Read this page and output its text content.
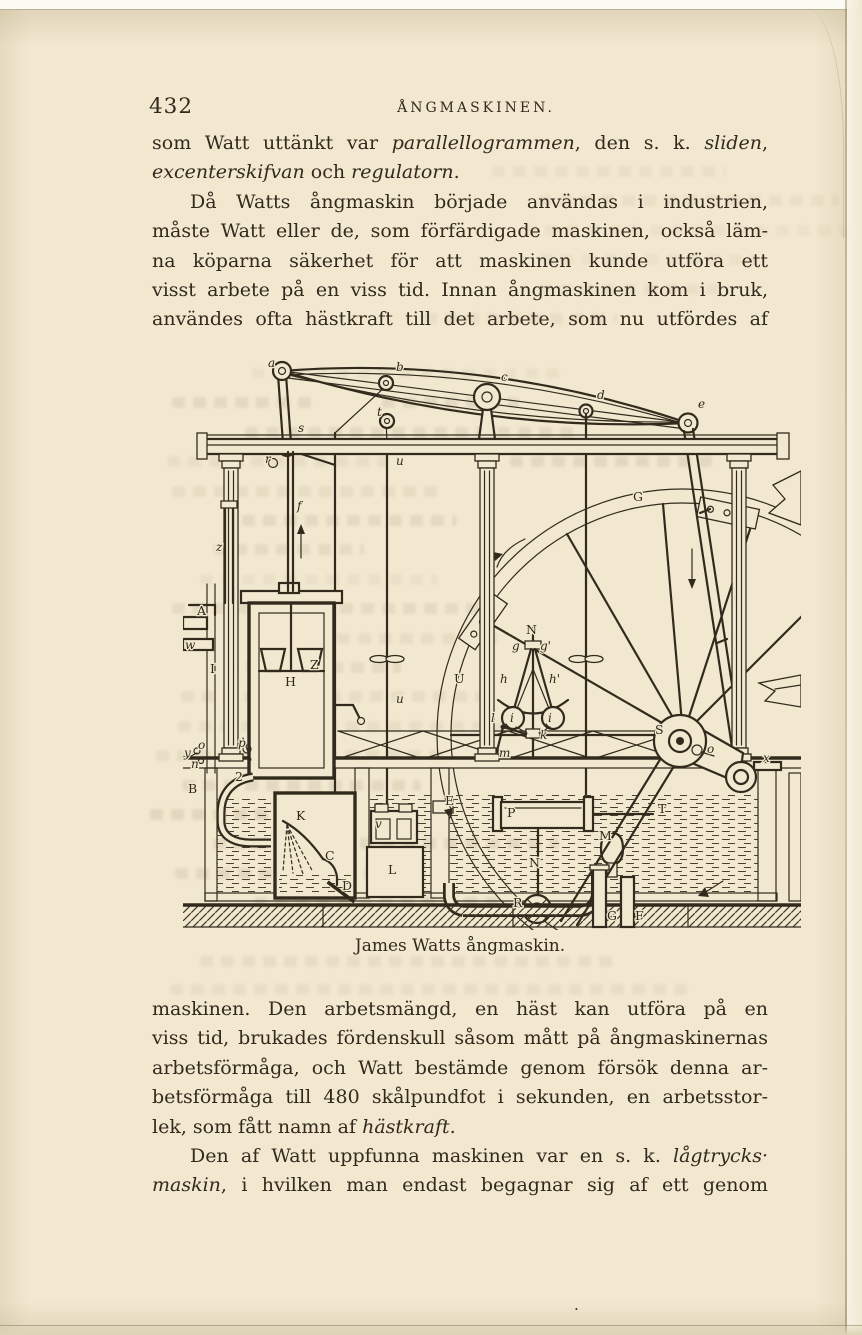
432	ÅNGMASKINEN.
som Watt uttänkt var parallellogrammen, den s. k. sliden,
excenterskifvan och regulatorn.
Då Watts ångmaskin började användas i industrien,
måste Watt eller de, som förfärdigade maskinen, också läm-
na köparna säkerhet för att maskinen kunde utföra ett
visst arbete på en viss tid. Innan ångmaskinen kom i bruk,
användes ofta hästkraft till det arbete, som nu utfördes af
a	b
c
d
e
s
t
r	u
u
f
z
A
w
I	Z
H
G
U
N
g g'
h	h'
i	i
k
l
m
S
o
x
T
P
M
N
R
E
K
C
D
L
v
B
y
n
o	p
2
G F
James Watts ångmaskin.
maskinen. Den arbetsmängd, en häst kan utföra på en
viss tid, brukades fördenskull såsom mått på ångmaskinernas
arbetsförmåga, och Watt bestämde genom försök denna ar-
betsförmåga till 480 skålpundfot i sekunden, en arbetsstor-
lek, som fått namn af hästkraft.
Den af Watt uppfunna maskinen var en s. k. lågtrycks·
maskin, i hvilken man endast begagnar sig af ett genom
.
